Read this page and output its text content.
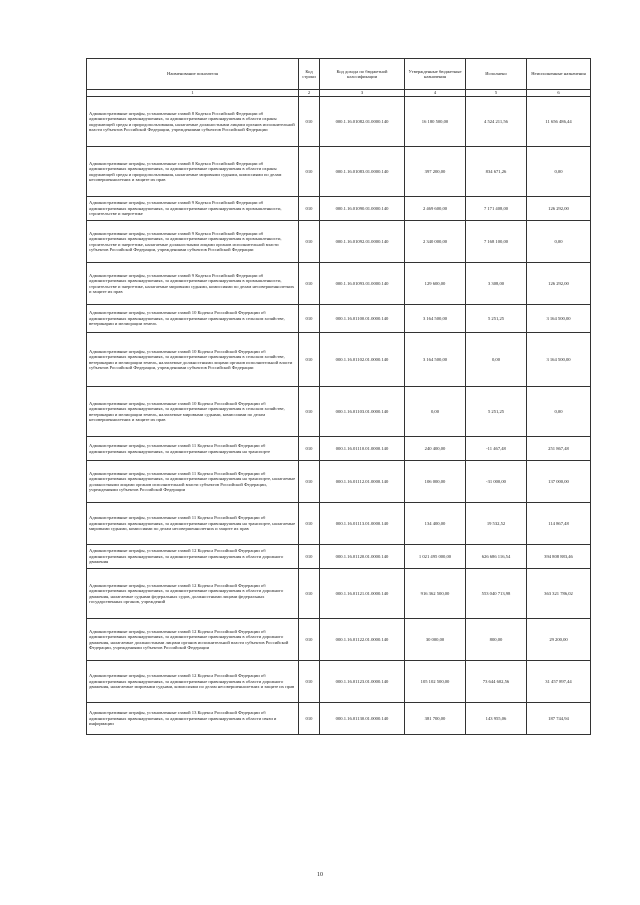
Наименование показателя	Код строки	Код дохода по бюджетной классификации	Утвержденные бюджетные назначения	Исполнено	Неисполненные назначения
1	2	3	4	5	6
Административные штрафы, установленные главой 8 Кодекса Российской Федерации об административных правонарушениях, за административные правонарушения в области охраны окружающей среды и природопользования, налагаемые должностными лицами органов исполнительной власти субъектов Российской Федерации, учреждениями субъектов Российской Федерации	010	000.1.16.01082.01.0000.140	16 180 500,00	4 524 211,56	11 656 486,44
Административные штрафы, установленные главой 8 Кодекса Российской Федерации об административных правонарушениях, за административные правонарушения в области охраны окружающей среды и природопользования, налагаемые мировыми судьями, комиссиями по делам несовершеннолетних и защите их прав	010	000.1.16.01083.01.0000.140	397 200,00	834 671,26	0,00
Административные штрафы, установленные главой 9 Кодекса Российской Федерации об административных правонарушениях, за административные правонарушения в промышленности, строительстве и энергетике	010	000.1.16.01090.01.0000.140	2 469 600,00	7 171 408,00	126 292,00
Административные штрафы, установленные главой 9 Кодекса Российской Федерации об административных правонарушениях, за административные правонарушения в промышленности, строительстве и энергетике, налагаемые должностными лицами органов исполнительной власти субъектов Российской Федерации, учреждениями субъектов Российской Федерации	010	000.1.16.01092.01.0000.140	2 340 000,00	7 168 100,00	0,00
Административные штрафы, установленные главой 9 Кодекса Российской Федерации об административных правонарушениях, за административные правонарушения в промышленности, строительстве и энергетике, налагаемые мировыми судьями, комиссиями по делам несовершеннолетних и защите их прав	010	000.1.16.01093.01.0000.140	129 600,00	3 308,00	126 292,00
Административные штрафы, установленные главой 10 Кодекса Российской Федерации об административных правонарушениях, за административные правонарушения в сельском хозяйстве, ветеринарии и мелиорации земель	010	000.1.16.01100.01.0000.140	3 164 500,00	5 251,25	3 164 500,00
Административные штрафы, установленные главой 10 Кодекса Российской Федерации об административных правонарушениях, за административные правонарушения в сельском хозяйстве, ветеринарии и мелиорации земель, налагаемые должностными лицами органов исполнительной власти субъектов Российской Федерации, учреждениями субъектов Российской Федерации	010	000.1.16.01102.01.0000.140	3 164 500,00	0,00	3 164 500,00
Административные штрафы, установленные главой 10 Кодекса Российской Федерации об административных правонарушениях, за административные правонарушения в сельском хозяйстве, ветеринарии и мелиорации земель, налагаемые мировыми судьями, комиссиями по делам несовершеннолетних и защите их прав	010	000.1.16.01103.01.0000.140	0,00	5 251,25	0,00
Административные штрафы, установленные главой 11 Кодекса Российской Федерации об административных правонарушениях, за административные правонарушения на транспорте	010	000.1.16.01110.01.0000.140	240 400,00	-11 467,48	251 867,48
Административные штрафы, установленные главой 11 Кодекса Российской Федерации об административных правонарушениях, за административные правонарушения на транспорте, налагаемые должностными лицами органов исполнительной власти субъектов Российской Федерации, учреждениями субъектов Российской Федерации	010	000.1.16.01112.01.0000.140	106 000,00	-31 000,00	137 000,00
Административные штрафы, установленные главой 11 Кодекса Российской Федерации об административных правонарушениях, за административные правонарушения на транспорте, налагаемые мировыми судьями, комиссиями по делам несовершеннолетних и защите их прав	010	000.1.16.01113.01.0000.140	134 400,00	19 532,52	114 867,48
Административные штрафы, установленные главой 12 Кодекса Российской Федерации об административных правонарушениях, за административные правонарушения в области дорожного движения	010	000.1.16.01120.01.0000.140	1 021 495 000,00	626 686 116,54	394 808 883,46
Административные штрафы, установленные главой 12 Кодекса Российской Федерации об административных правонарушениях, за административные правонарушения в области дорожного движения, налагаемые судьями федеральных судов, должностными лицами федеральных государственных органов, учреждений	010	000.1.16.01121.01.0000.140	916 362 500,00	553 040 713,98	363 321 786,02
Административные штрафы, установленные главой 12 Кодекса Российской Федерации об административных правонарушениях, за административные правонарушения в области дорожного движения, налагаемые должностными лицами органов исполнительной власти субъектов Российской Федерации, учреждениями субъектов Российской Федерации	010	000.1.16.01122.01.0000.140	30 000,00	800,00	29 200,00
Административные штрафы, установленные главой 12 Кодекса Российской Федерации об административных правонарушениях, за административные правонарушения в области дорожного движения, налагаемые мировыми судьями, комиссиями по делам несовершеннолетних и защите их прав	010	000.1.16.01123.01.0000.140	105 102 500,00	73 644 602,56	31 457 897,44
Административные штрафы, установленные главой 13 Кодекса Российской Федерации об административных правонарушениях, за административные правонарушения в области связи и информации	010	000.1.16.01130.01.0000.140	381 700,00	143 955,06	187 744,94
10
